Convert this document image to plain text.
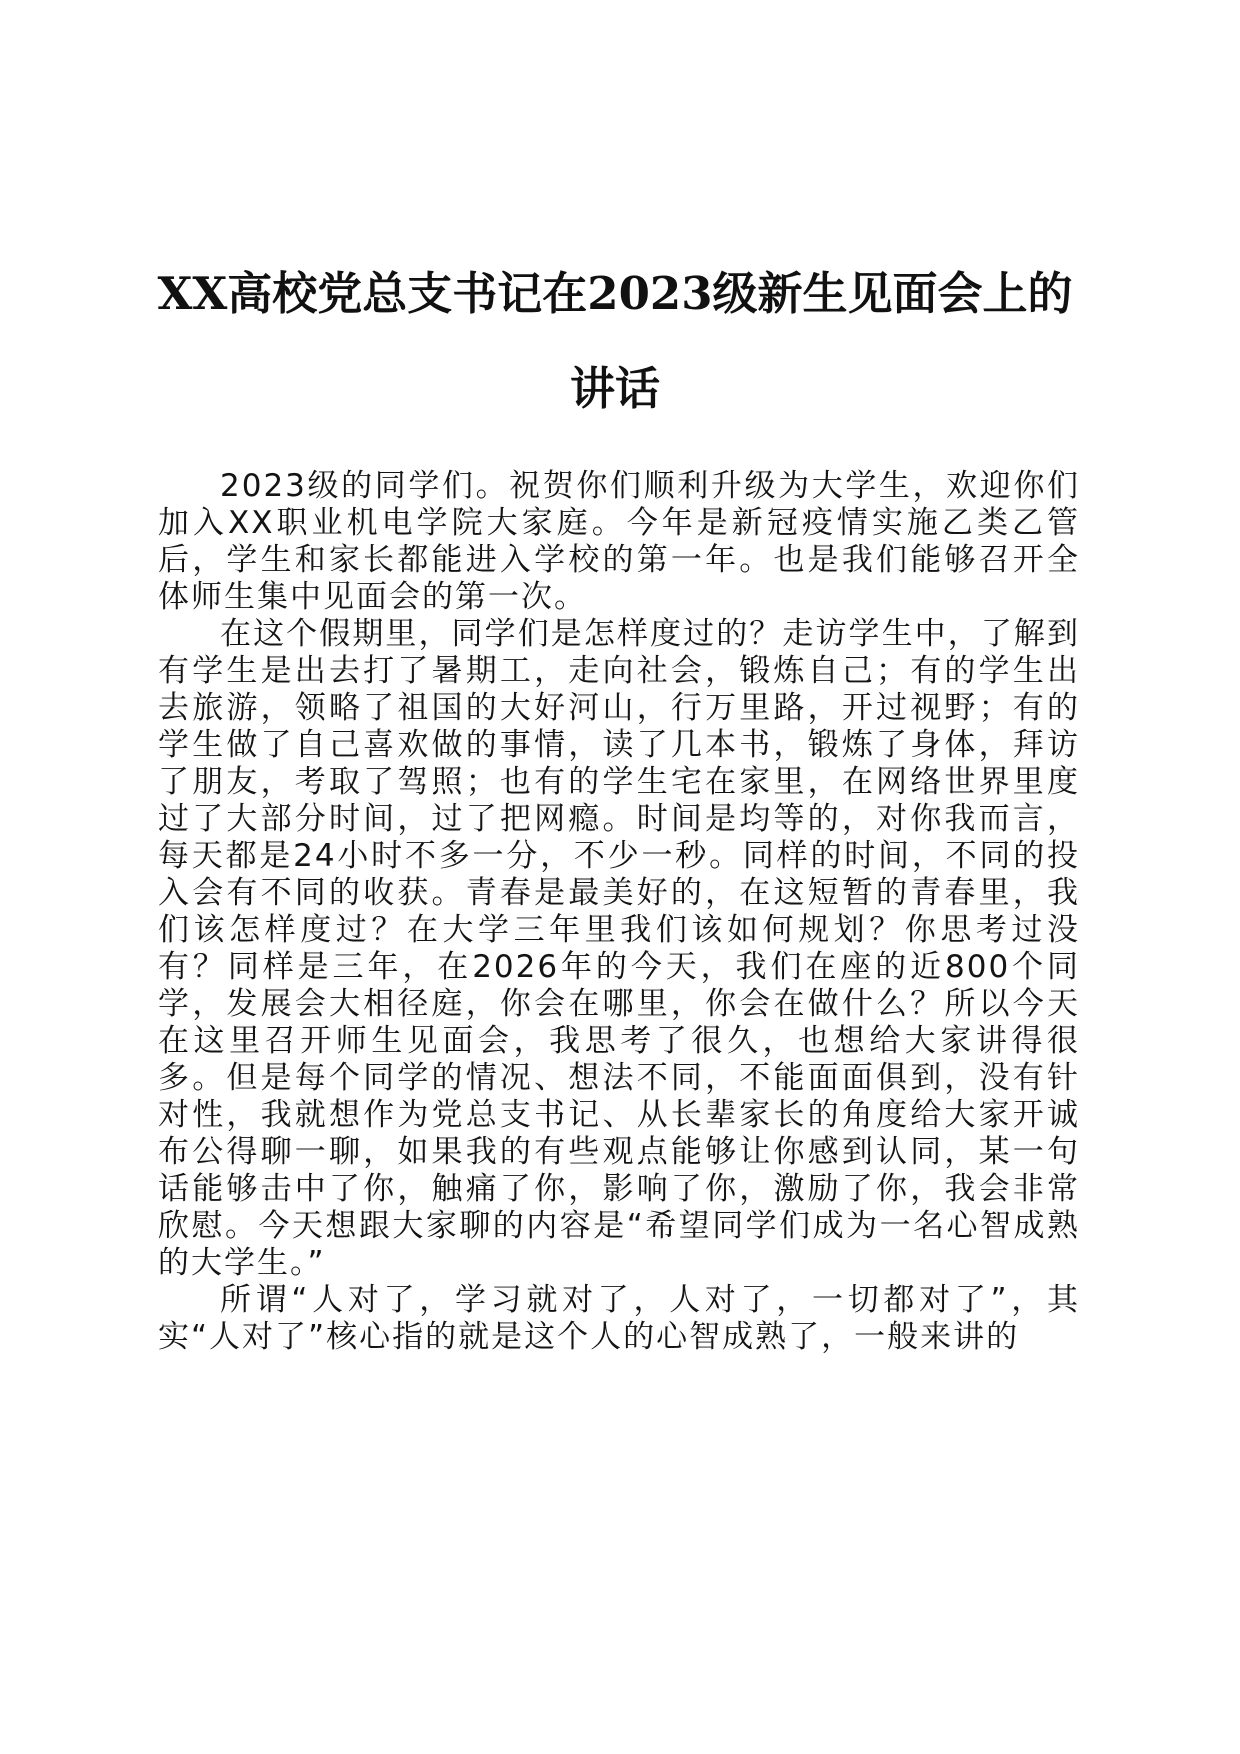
XX高校党总支书记在2023级新生见面会上的讲话

2023级的同学们。祝贺你们顺利升级为大学生，欢迎你们加入XX职业机电学院大家庭。今年是新冠疫情实施乙类乙管后，学生和家长都能进入学校的第一年。也是我们能够召开全体师生集中见面会的第一次。

在这个假期里，同学们是怎样度过的？走访学生中，了解到有学生是出去打了暑期工，走向社会，锻炼自己；有的学生出去旅游，领略了祖国的大好河山，行万里路，开过视野；有的学生做了自己喜欢做的事情，读了几本书，锻炼了身体，拜访了朋友，考取了驾照；也有的学生宅在家里，在网络世界里度过了大部分时间，过了把网瘾。时间是均等的，对你我而言，每天都是24小时不多一分，不少一秒。同样的时间，不同的投入会有不同的收获。青春是最美好的，在这短暂的青春里，我们该怎样度过？在大学三年里我们该如何规划？你思考过没有？同样是三年，在2026年的今天，我们在座的近800个同学，发展会大相径庭，你会在哪里，你会在做什么？所以今天在这里召开师生见面会，我思考了很久，也想给大家讲得很多。但是每个同学的情况、想法不同，不能面面俱到，没有针对性，我就想作为党总支书记、从长辈家长的角度给大家开诚布公得聊一聊，如果我的有些观点能够让你感到认同，某一句话能够击中了你，触痛了你，影响了你，激励了你，我会非常欣慰。今天想跟大家聊的内容是“希望同学们成为一名心智成熟的大学生。”

所谓“人对了，学习就对了，人对了，一切都对了”，其实“人对了”核心指的就是这个人的心智成熟了，一般来讲的
